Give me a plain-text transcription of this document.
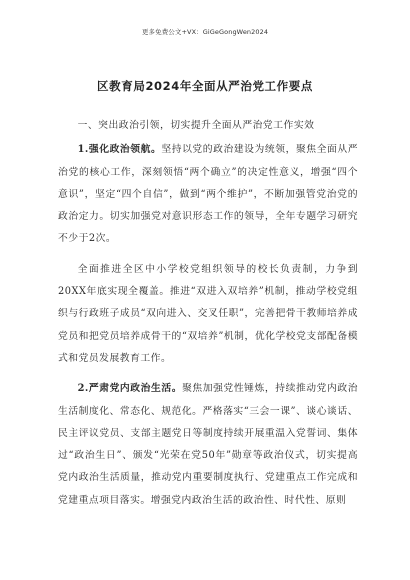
更多免费公文+VX：GiGeGongWen2024
区教育局2024年全面从严治党工作要点

一、突出政治引领，切实提升全面从严治党工作实效

1.强化政治领航。坚持以党的政治建设为统领，聚焦全面从严治党的核心工作，深刻领悟“两个确立”的决定性意义，增强“四个意识”，坚定“四个自信”，做到“两个维护”，不断加强管党治党的政治定力。切实加强党对意识形态工作的领导，全年专题学习研究不少于2次。

全面推进全区中小学校党组织领导的校长负责制，力争到20XX年底实现全覆盖。推进“双进入双培养”机制，推动学校党组织与行政班子成员“双向进入、交叉任职”，完善把骨干教师培养成党员和把党员培养成骨干的“双培养”机制，优化学校党支部配备模式和党员发展教育工作。

2.严肃党内政治生活。聚焦加强党性锤炼，持续推动党内政治生活制度化、常态化、规范化。严格落实“三会一课”、谈心谈话、民主评议党员、支部主题党日等制度持续开展重温入党誓词、集体过“政治生日”、颁发“光荣在党50年”勋章等政治仪式，切实提高党内政治生活质量，推动党内重要制度执行、党建重点工作完成和党建重点项目落实。增强党内政治生活的政治性、时代性、原则
